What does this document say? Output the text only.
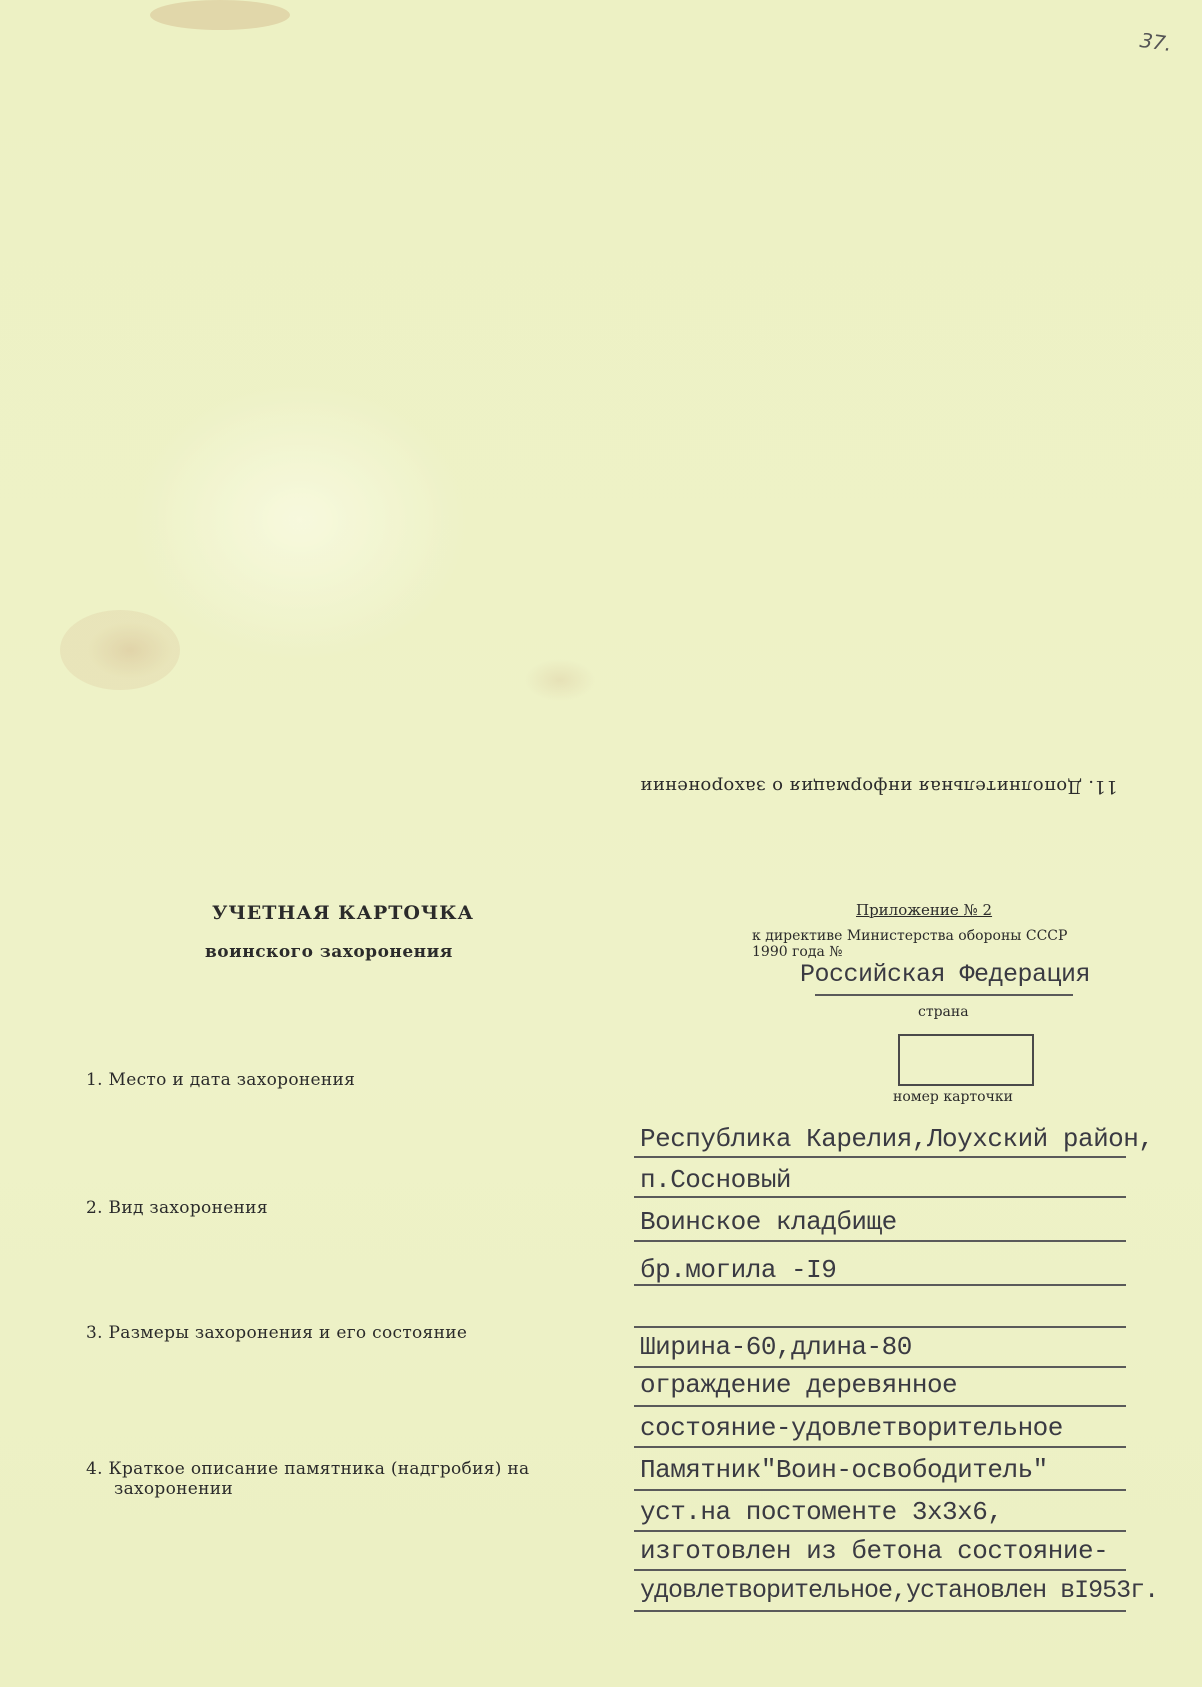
37.
11. Дополнительная информация о захоронении
УЧЕТНАЯ КАРТОЧКА
воинского захоронения
Приложение № 2
к директиве Министерства обороны СССР
1990 года №
Российская Федерация
страна
номер карточки
1. Место и дата захоронения
2. Вид захоронения
3. Размеры захоронения и его состояние
4. Краткое описание памятника (надгробия) на
захоронении
Республика Карелия,Лоухский район,
п.Сосновый
Воинское кладбище
бр.могила -I9
Ширина-60,длина-80
ограждение деревянное
состояние-удовлетворительное
Памятник"Воин-освободитель"
уст.на постоменте 3х3х6,
изготовлен из бетона состояние-
удовлетворительное,установлен вI953г.
